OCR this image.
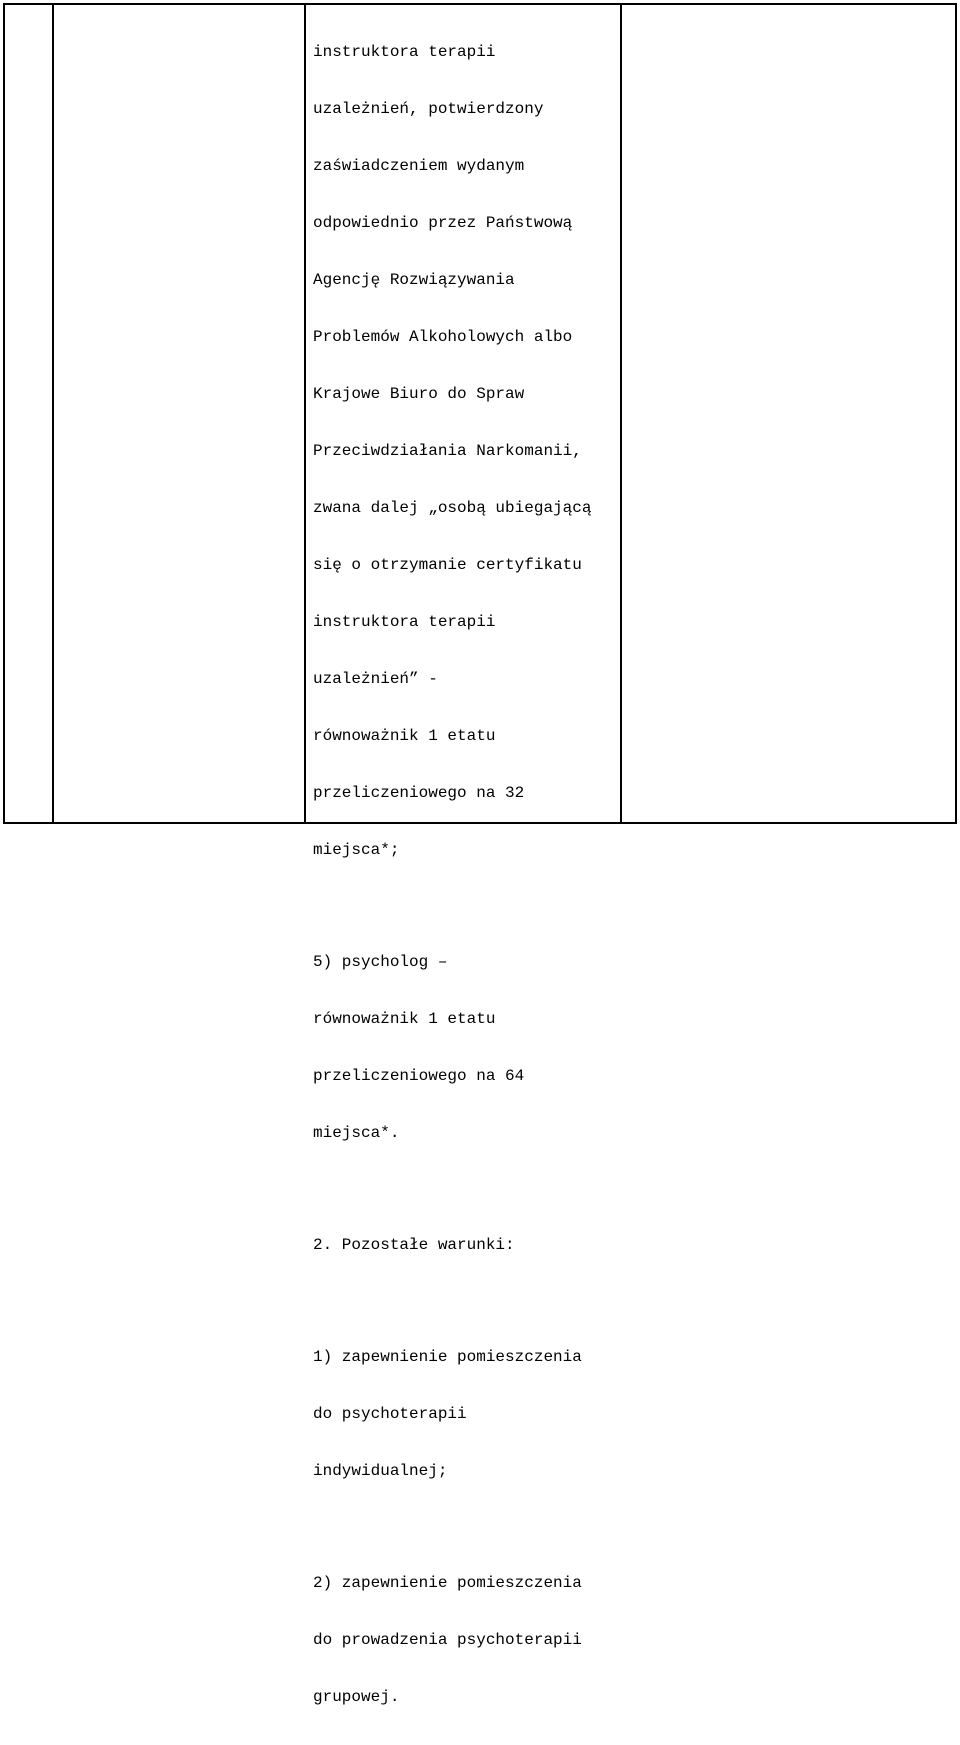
instruktora terapii

uzależnień, potwierdzony

zaświadczeniem wydanym

odpowiednio przez Państwową

Agencję Rozwiązywania

Problemów Alkoholowych albo

Krajowe Biuro do Spraw

Przeciwdziałania Narkomanii,

zwana dalej „osobą ubiegającą

się o otrzymanie certyfikatu

instruktora terapii

uzależnień” -

równoważnik 1 etatu

przeliczeniowego na 32

miejsca*;

5) psycholog –

równoważnik 1 etatu

przeliczeniowego na 64

miejsca*.

2. Pozostałe warunki:

1) zapewnienie pomieszczenia

do psychoterapii

indywidualnej;

2) zapewnienie pomieszczenia

do prowadzenia psychoterapii

grupowej.
